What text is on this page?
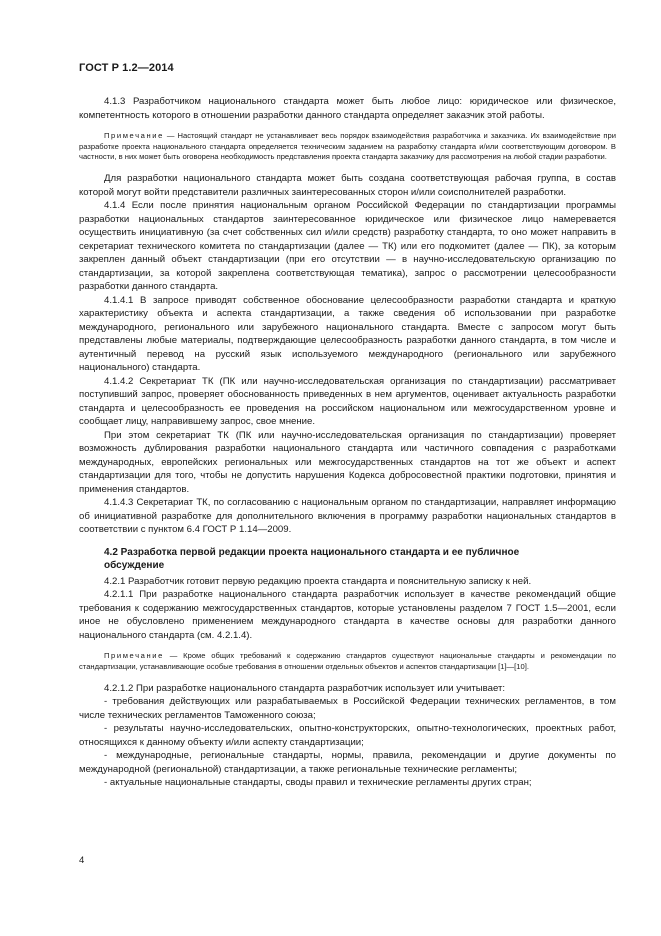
ГОСТ Р 1.2—2014

4.1.3 Разработчиком национального стандарта может быть любое лицо: юридическое или физическое, компетентность которого в отношении разработки данного стандарта определяет заказчик этой работы.

Примечание — Настоящий стандарт не устанавливает весь порядок взаимодействия разработчика и заказчика. Их взаимодействие при разработке проекта национального стандарта определяется техническим заданием на разработку стандарта и/или соответствующим договором. В частности, в них может быть оговорена необходимость представления проекта стандарта заказчику для рассмотрения на любой стадии разработки.

Для разработки национального стандарта может быть создана соответствующая рабочая группа, в состав которой могут войти представители различных заинтересованных сторон и/или соисполнителей разработки.

4.1.4 Если после принятия национальным органом Российской Федерации по стандартизации программы разработки национальных стандартов заинтересованное юридическое или физическое лицо намеревается осуществить инициативную (за счет собственных сил и/или средств) разработку стандарта, то оно может направить в секретариат технического комитета по стандартизации (далее — ТК) или его подкомитет (далее — ПК), за которым закреплен данный объект стандартизации (при его отсутствии — в научно-исследовательскую организацию по стандартизации, за которой закреплена соответствующая тематика), запрос о рассмотрении целесообразности разработки данного стандарта.

4.1.4.1 В запросе приводят собственное обоснование целесообразности разработки стандарта и краткую характеристику объекта и аспекта стандартизации, а также сведения об использовании при разработке международного, регионального или зарубежного национального стандарта. Вместе с запросом могут быть представлены любые материалы, подтверждающие целесообразность разработки данного стандарта, в том числе и аутентичный перевод на русский язык используемого международного (регионального или зарубежного национального) стандарта.

4.1.4.2 Секретариат ТК (ПК или научно-исследовательская организация по стандартизации) рассматривает поступивший запрос, проверяет обоснованность приведенных в нем аргументов, оценивает актуальность разработки стандарта и целесообразность ее проведения на российском национальном или межгосударственном уровне и сообщает лицу, направившему запрос, свое мнение.

При этом секретариат ТК (ПК или научно-исследовательская организация по стандартизации) проверяет возможность дублирования разработки национального стандарта или частичного совпадения с разработками международных, европейских региональных или межгосударственных стандартов на тот же объект и аспект стандартизации для того, чтобы не допустить нарушения Кодекса добросовестной практики подготовки, принятия и применения стандартов.

4.1.4.3 Секретариат ТК, по согласованию с национальным органом по стандартизации, направляет информацию об инициативной разработке для дополнительного включения в программу разработки национальных стандартов в соответствии с пунктом 6.4 ГОСТ Р 1.14—2009.

4.2 Разработка первой редакции проекта национального стандарта и ее публичное
обсуждение

4.2.1 Разработчик готовит первую редакцию проекта стандарта и пояснительную записку к ней.

4.2.1.1 При разработке национального стандарта разработчик использует в качестве рекомендаций общие требования к содержанию межгосударственных стандартов, которые установлены разделом 7 ГОСТ 1.5—2001, если иное не обусловлено применением международного стандарта в качестве основы для разработки данного национального стандарта (см. 4.2.1.4).

Примечание — Кроме общих требований к содержанию стандартов существуют национальные стандарты и рекомендации по стандартизации, устанавливающие особые требования в отношении отдельных объектов и аспектов стандартизации [1]—[10].

4.2.1.2 При разработке национального стандарта разработчик использует или учитывает:

- требования действующих или разрабатываемых в Российской Федерации технических регламентов, в том числе технических регламентов Таможенного союза;

- результаты научно-исследовательских, опытно-конструкторских, опытно-технологических, проектных работ, относящихся к данному объекту и/или аспекту стандартизации;

- международные, региональные стандарты, нормы, правила, рекомендации и другие документы по международной (региональной) стандартизации, а также региональные технические регламенты;

- актуальные национальные стандарты, своды правил и технические регламенты других стран;

4
